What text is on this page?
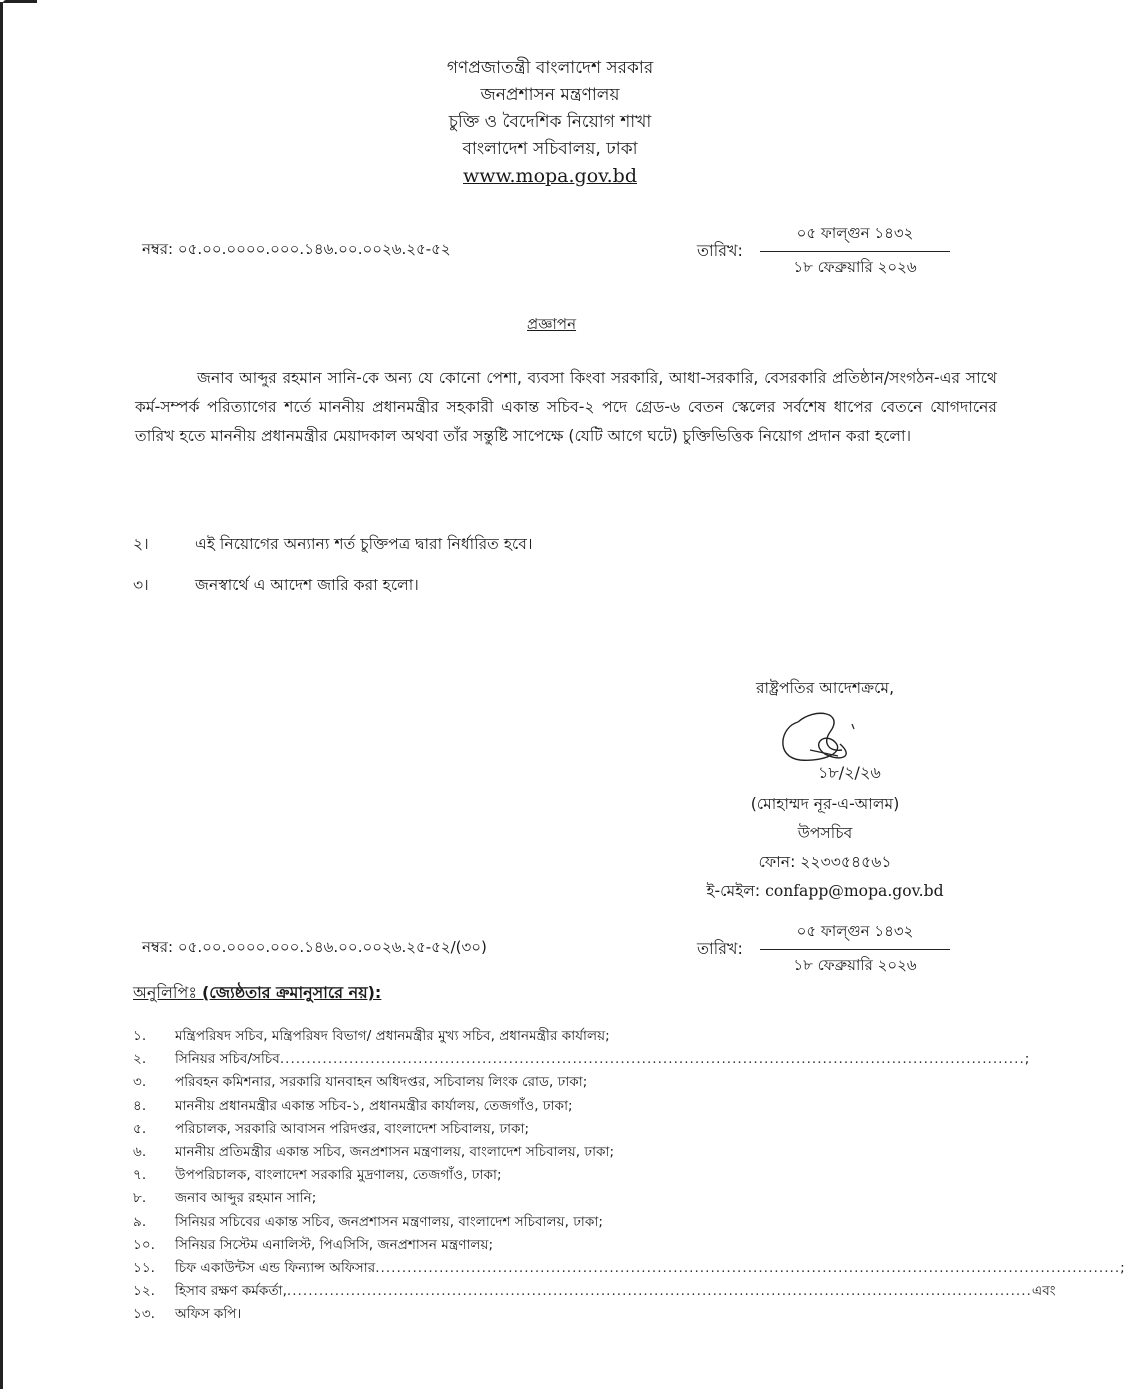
গণপ্রজাতন্ত্রী বাংলাদেশ সরকার
জনপ্রশাসন মন্ত্রণালয়
চুক্তি ও বৈদেশিক নিয়োগ শাখা
বাংলাদেশ সচিবালয়, ঢাকা
www.mopa.gov.bd
নম্বর: ০৫.০০.০০০০.০০০.১৪৬.০০.০০২৬.২৫-৫২	তারিখ:
০৫ ফাল্গুন ১৪৩২
১৮ ফেব্রুয়ারি ২০২৬
প্রজ্ঞাপন
জনাব আব্দুর রহমান সানি-কে অন্য যে কোনো পেশা, ব্যবসা কিংবা সরকারি, আধা-সরকারি, বেসরকারি প্রতিষ্ঠান/সংগঠন-এর সাথে কর্ম-সম্পর্ক পরিত্যাগের শর্তে মাননীয় প্রধানমন্ত্রীর সহকারী একান্ত সচিব-২ পদে গ্রেড-৬ বেতন স্কেলের সর্বশেষ ধাপের বেতনে যোগদানের তারিখ হতে মাননীয় প্রধানমন্ত্রীর মেয়াদকাল অথবা তাঁর সন্তুষ্টি সাপেক্ষে (যেটি আগে ঘটে) চুক্তিভিত্তিক নিয়োগ প্রদান করা হলো।
২।	এই নিয়োগের অন্যান্য শর্ত চুক্তিপত্র দ্বারা নির্ধারিত হবে।
৩।	জনস্বার্থে এ আদেশ জারি করা হলো।
রাষ্ট্রপতির আদেশক্রমে,
১৮/২/২৬
(মোহাম্মদ নূর-এ-আলম)
উপসচিব
ফোন: ২২৩৩৫৪৫৬১
ই-মেইল: confapp@mopa.gov.bd
নম্বর: ০৫.০০.০০০০.০০০.১৪৬.০০.০০২৬.২৫-৫২/(৩০)	তারিখ:
০৫ ফাল্গুন ১৪৩২
১৮ ফেব্রুয়ারি ২০২৬
অনুলিপিঃ (জ্যেষ্ঠতার ক্রমানুসারে নয়):
১.	মন্ত্রিপরিষদ সচিব, মন্ত্রিপরিষদ বিভাগ/ প্রধানমন্ত্রীর মুখ্য সচিব, প্রধানমন্ত্রীর কার্যালয়;
২.	সিনিয়র সচিব/সচিব ............................................................................................................................................ ;
৩.	পরিবহন কমিশনার, সরকারি যানবাহন অধিদপ্তর, সচিবালয় লিংক রোড, ঢাকা;
৪.	মাননীয় প্রধানমন্ত্রীর একান্ত সচিব-১, প্রধানমন্ত্রীর কার্যালয়, তেজগাঁও, ঢাকা;
৫.	পরিচালক, সরকারি আবাসন পরিদপ্তর, বাংলাদেশ সচিবালয়, ঢাকা;
৬.	মাননীয় প্রতিমন্ত্রীর একান্ত সচিব, জনপ্রশাসন মন্ত্রণালয়, বাংলাদেশ সচিবালয়, ঢাকা;
৭.	উপপরিচালক, বাংলাদেশ সরকারি মুদ্রণালয়, তেজগাঁও, ঢাকা;
৮.	জনাব আব্দুর রহমান সানি;
৯.	সিনিয়র সচিবের একান্ত সচিব, জনপ্রশাসন মন্ত্রণালয়, বাংলাদেশ সচিবালয়, ঢাকা;
১০.	সিনিয়র সিস্টেম এনালিস্ট, পিএসিসি, জনপ্রশাসন মন্ত্রণালয়;
১১.	চিফ একাউন্টস এন্ড ফিন্যান্স অফিসার ............................................................................................................................................ ;
১২.	হিসাব রক্ষণ কর্মকর্তা, ............................................................................................................................................ এবং
১৩.	অফিস কপি।
